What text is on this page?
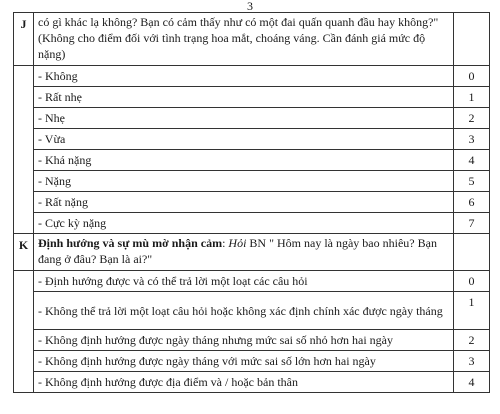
3
J	có gì khác lạ không? Bạn có cảm thấy như có một đai quấn quanh đầu hay không?" (Không cho điểm đối với tình trạng hoa mắt, choáng váng. Cần đánh giá mức độ nặng)	
	- Không	0
	- Rất nhẹ	1
	- Nhẹ	2
	- Vừa	3
	- Khá nặng	4
	- Nặng	5
	- Rất nặng	6
	- Cực kỳ nặng	7
K	Định hướng và sự mù mờ nhận cảm: Hỏi BN " Hôm nay là ngày bao nhiêu? Bạn đang ở đâu? Bạn là ai?"	
	- Định hướng được và có thể trả lời một loạt các câu hỏi	0
	- Không thể trả lời một loạt câu hỏi hoặc không xác định chính xác được ngày tháng	1
	- Không định hướng được ngày tháng nhưng mức sai số nhỏ hơn hai ngày	2
	- Không định hướng được ngày tháng với mức sai số lớn hơn hai ngày	3
	- Không định hướng được địa điểm và / hoặc bản thân	4
